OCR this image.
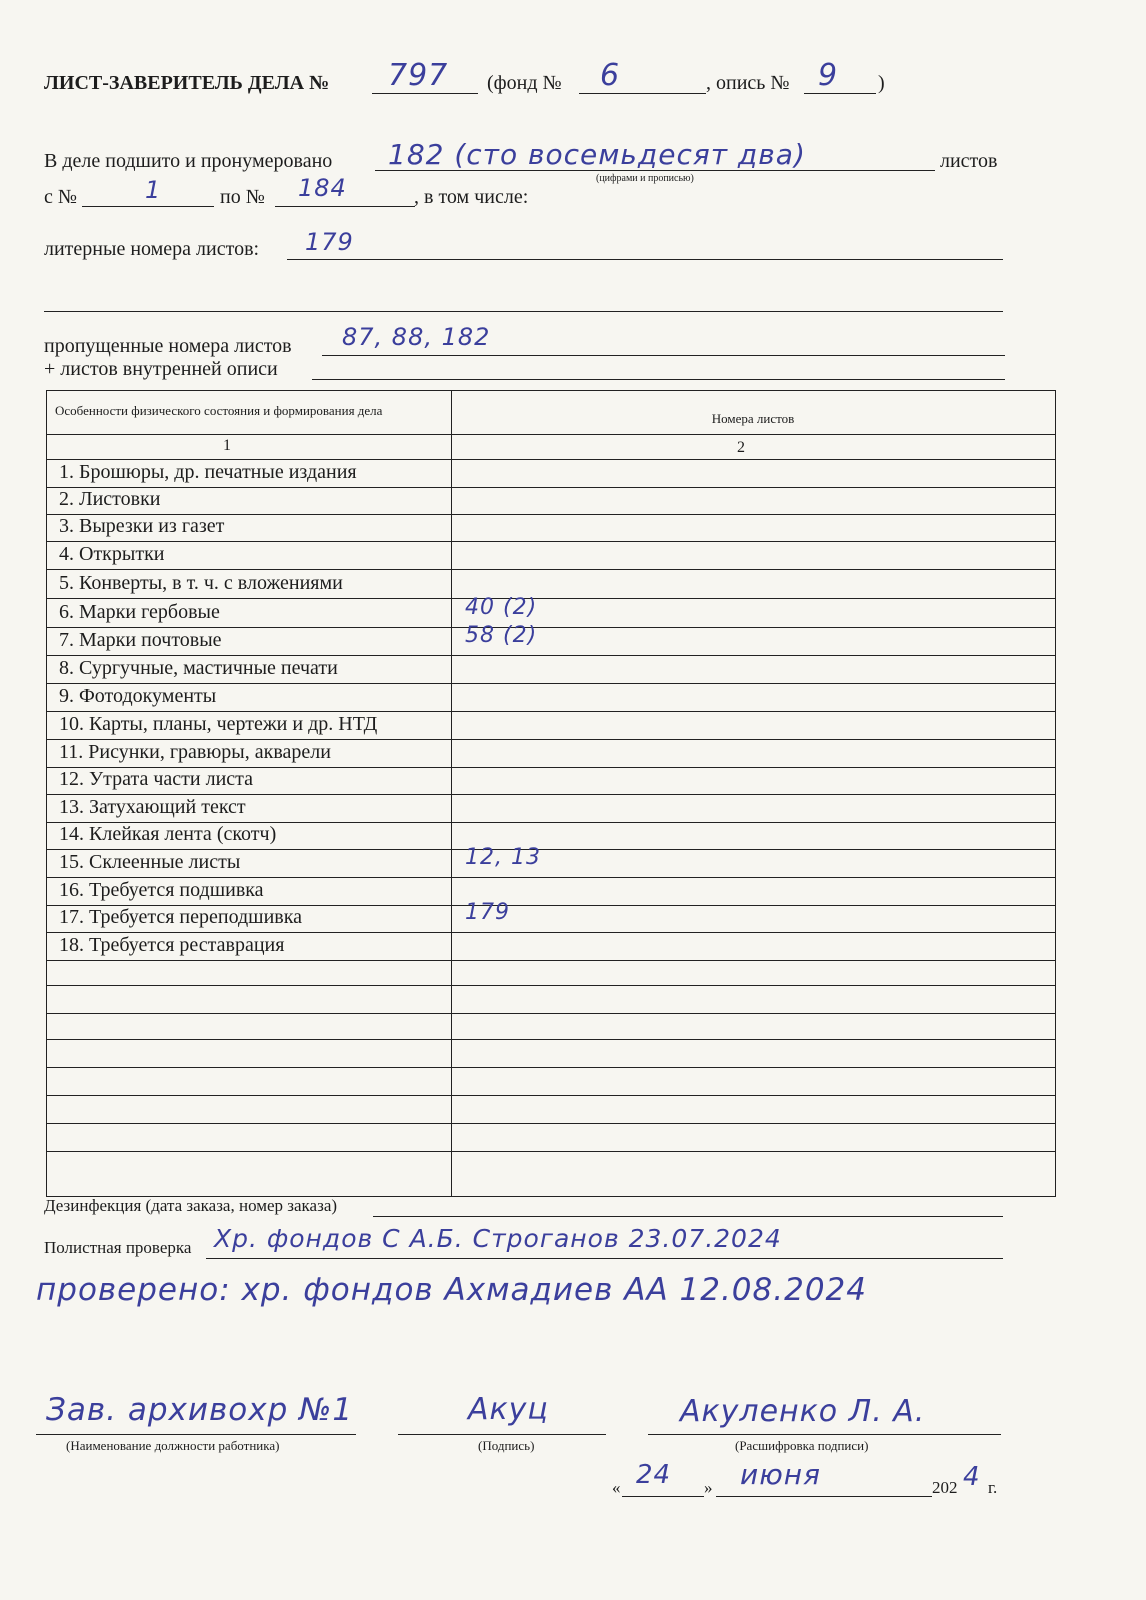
ЛИСТ-ЗАВЕРИТЕЛЬ ДЕЛА № 797 (фонд № 6	, опись № 9 )
В деле подшито и пронумеровано 182 (сто восемьдесят два)	листов
(цифрами и прописью)
с №	1	по № 184	, в том числе:
литерные номера листов: 179
пропущенные номера листов 87, 88, 182
+ листов внутренней описи
Особенности физического состояния и формирования дела
Номера листов
1	2
1. Брошюры, др. печатные издания
2. Листовки
3. Вырезки из газет
4. Открытки
5. Конверты, в т. ч. с вложениями
6. Марки гербовые	40 (2)
7. Марки почтовые	58 (2)
8. Сургучные, мастичные печати
9. Фотодокументы
10. Карты, планы, чертежи и др. НТД
11. Рисунки, гравюры, акварели
12. Утрата части листа
13. Затухающий текст
14. Клейкая лента (скотч)
15. Склеенные листы	12, 13
16. Требуется подшивка
17. Требуется переподшивка	179
18. Требуется реставрация
Дезинфекция (дата заказа, номер заказа)
Полистная проверка Хр. фондов С А.Б. Строганов 23.07.2024
проверено: хр. фондов Ахмадиев АА 12.08.2024
Зав. архивохр №1
(Наименование должности работника)
Акуц
(Подпись)
Акуленко Л. А.
(Расшифровка подписи)
« 24 » июня	202 4 г.
